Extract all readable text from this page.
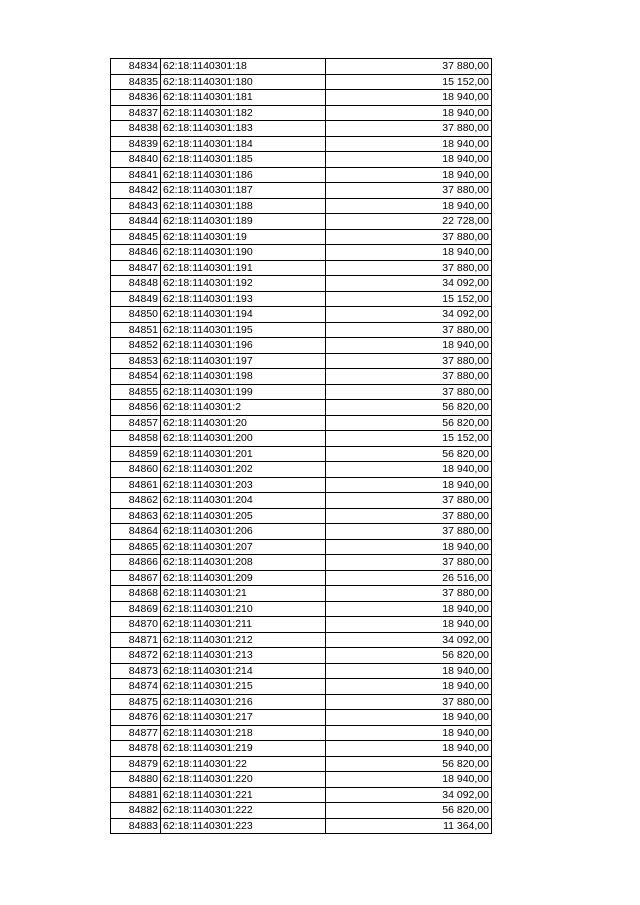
84834	62:18:1140301:18	37 880,00
84835	62:18:1140301:180	15 152,00
84836	62:18:1140301:181	18 940,00
84837	62:18:1140301:182	18 940,00
84838	62:18:1140301:183	37 880,00
84839	62:18:1140301:184	18 940,00
84840	62:18:1140301:185	18 940,00
84841	62:18:1140301:186	18 940,00
84842	62:18:1140301:187	37 880,00
84843	62:18:1140301:188	18 940,00
84844	62:18:1140301:189	22 728,00
84845	62:18:1140301:19	37 880,00
84846	62:18:1140301:190	18 940,00
84847	62:18:1140301:191	37 880,00
84848	62:18:1140301:192	34 092,00
84849	62:18:1140301:193	15 152,00
84850	62:18:1140301:194	34 092,00
84851	62:18:1140301:195	37 880,00
84852	62:18:1140301:196	18 940,00
84853	62:18:1140301:197	37 880,00
84854	62:18:1140301:198	37 880,00
84855	62:18:1140301:199	37 880,00
84856	62:18:1140301:2	56 820,00
84857	62:18:1140301:20	56 820,00
84858	62:18:1140301:200	15 152,00
84859	62:18:1140301:201	56 820,00
84860	62:18:1140301:202	18 940,00
84861	62:18:1140301:203	18 940,00
84862	62:18:1140301:204	37 880,00
84863	62:18:1140301:205	37 880,00
84864	62:18:1140301:206	37 880,00
84865	62:18:1140301:207	18 940,00
84866	62:18:1140301:208	37 880,00
84867	62:18:1140301:209	26 516,00
84868	62:18:1140301:21	37 880,00
84869	62:18:1140301:210	18 940,00
84870	62:18:1140301:211	18 940,00
84871	62:18:1140301:212	34 092,00
84872	62:18:1140301:213	56 820,00
84873	62:18:1140301:214	18 940,00
84874	62:18:1140301:215	18 940,00
84875	62:18:1140301:216	37 880,00
84876	62:18:1140301:217	18 940,00
84877	62:18:1140301:218	18 940,00
84878	62:18:1140301:219	18 940,00
84879	62:18:1140301:22	56 820,00
84880	62:18:1140301:220	18 940,00
84881	62:18:1140301:221	34 092,00
84882	62:18:1140301:222	56 820,00
84883	62:18:1140301:223	11 364,00
